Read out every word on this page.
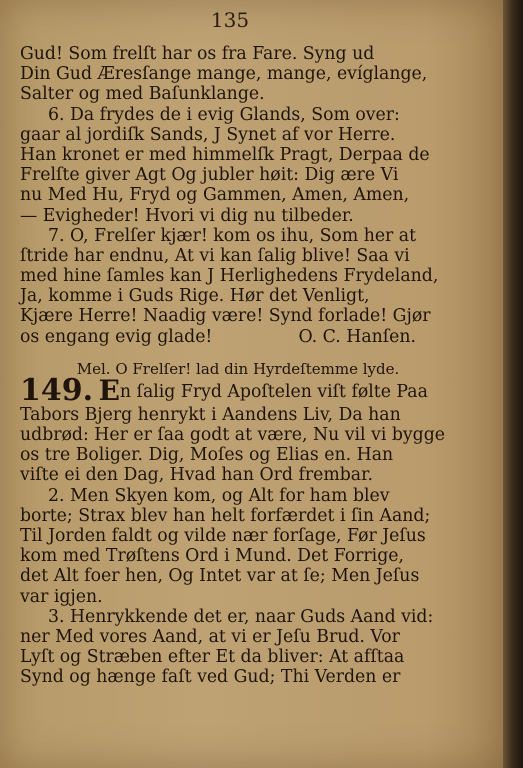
135
Gud! Som frelſt har os fra Fare. Syng ud
Din Gud Æresſange mange, mange, evíglange,
Salter og med Baſunklange.
6. Da frydes de i evig Glands, Som over:
gaar al jordiſk Sands, J Synet af vor Herre.
Han kronet er med himmelſk Pragt, Derpaa de
Frelſte giver Agt Og jubler høit: Dig ære Vi
nu Med Hu, Fryd og Gammen, Amen, Amen,
— Evigheder! Hvori vi dig nu tilbeder.
7. O, Frelſer kjær! kom os ihu, Som her at
ſtride har endnu, At vi kan ſalig blive! Saa vi
med hine ſamles kan J Herlighedens Frydeland,
Ja, komme i Guds Rige. Hør det Venligt,
Kjære Herre! Naadig være! Synd forlade! Gjør
os engang evig glade!	O. C. Hanſen.
Mel. O Frelſer! lad din Hyrdeſtemme lyde.
149. En ſalig Fryd Apoſtelen viſt følte Paa
Tabors Bjerg henrykt i Aandens Liv, Da han
udbrød: Her er ſaa godt at være, Nu vil vi bygge
os tre Boliger. Dig, Moſes og Elias en. Han
viſte ei den Dag, Hvad han Ord frembar.
2. Men Skyen kom, og Alt for ham blev
borte; Strax blev han helt forfærdet i ſin Aand;
Til Jorden faldt og vilde nær forſage, Før Jeſus
kom med Trøſtens Ord i Mund. Det Forrige,
det Alt foer hen, Og Intet var at ſe; Men Jeſus
var igjen.
3. Henrykkende det er, naar Guds Aand vid:
ner Med vores Aand, at vi er Jeſu Brud. Vor
Lyſt og Stræben efter Et da bliver: At afſtaa
Synd og hænge faſt ved Gud; Thi Verden er
